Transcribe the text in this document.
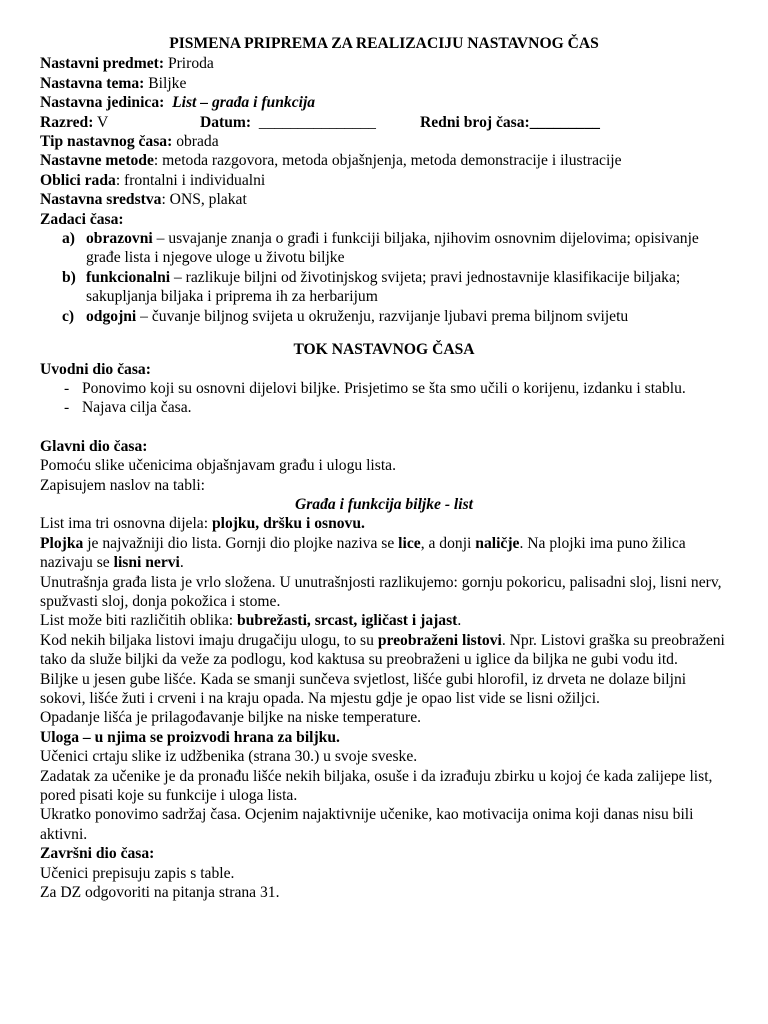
PISMENA PRIPREMA ZA REALIZACIJU NASTAVNOG ČAS
Nastavni predmet: Priroda
Nastavna tema: Biljke
Nastavna jedinica: List – građa i funkcija
Razred: V	Datum: _______________	Redni broj časa:_________
Tip nastavnog časa: obrada
Nastavne metode: metoda razgovora, metoda objašnjenja, metoda demonstracije i ilustracije
Oblici rada: frontalni i individualni
Nastavna sredstva: ONS, plakat
Zadaci časa:
a) obrazovni – usvajanje znanja o građi i funkciji biljaka, njihovim osnovnim dijelovima; opisivanje građe lista i njegove uloge u životu biljke
b) funkcionalni – razlikuje biljni od životinjskog svijeta; pravi jednostavnije klasifikacije biljaka; sakupljanja biljaka i priprema ih za herbarijum
c) odgojni – čuvanje biljnog svijeta u okruženju, razvijanje ljubavi prema biljnom svijetu
TOK NASTAVNOG ČASA
Uvodni dio časa:
- Ponovimo koji su osnovni dijelovi biljke. Prisjetimo se šta smo učili o korijenu, izdanku i stablu.
- Najava cilja časa.
Glavni dio časa:

Pomoću slike učenicima objašnjavam građu i ulogu lista.

Zapisujem naslov na tabli:

Građa i funkcija biljke - list

List ima tri osnovna dijela: plojku, dršku i osnovu.

Plojka je najvažniji dio lista. Gornji dio plojke naziva se lice, a donji naličje. Na plojki ima puno žilica nazivaju se lisni nervi.

Unutrašnja građa lista je vrlo složena. U unutrašnjosti razlikujemo: gornju pokoricu, palisadni sloj, lisni nerv, spužvasti sloj, donja pokožica i stome.

List može biti različitih oblika: bubrežasti, srcast, igličast i jajast.

Kod nekih biljaka listovi imaju drugačiju ulogu, to su preobraženi listovi. Npr. Listovi graška su preobraženi tako da služe biljki da veže za podlogu, kod kaktusa su preobraženi u iglice da biljka ne gubi vodu itd.

Biljke u jesen gube lišće. Kada se smanji sunčeva svjetlost, lišće gubi hlorofil, iz drveta ne dolaze biljni sokovi, lišće žuti i crveni i na kraju opada. Na mjestu gdje je opao list vide se lisni ožiljci.

Opadanje lišća je prilagođavanje biljke na niske temperature.

Uloga – u njima se proizvodi hrana za biljku.

Učenici crtaju slike iz udžbenika (strana 30.) u svoje sveske.

Zadatak za učenike je da pronađu lišće nekih biljaka, osuše i da izrađuju zbirku u kojoj će kada zalijepe list, pored pisati koje su funkcije i uloga lista.

Ukratko ponovimo sadržaj časa. Ocjenim najaktivnije učenike, kao motivacija onima koji danas nisu bili aktivni.

Završni dio časa:

Učenici prepisuju zapis s table.

Za DZ odgovoriti na pitanja strana 31.
